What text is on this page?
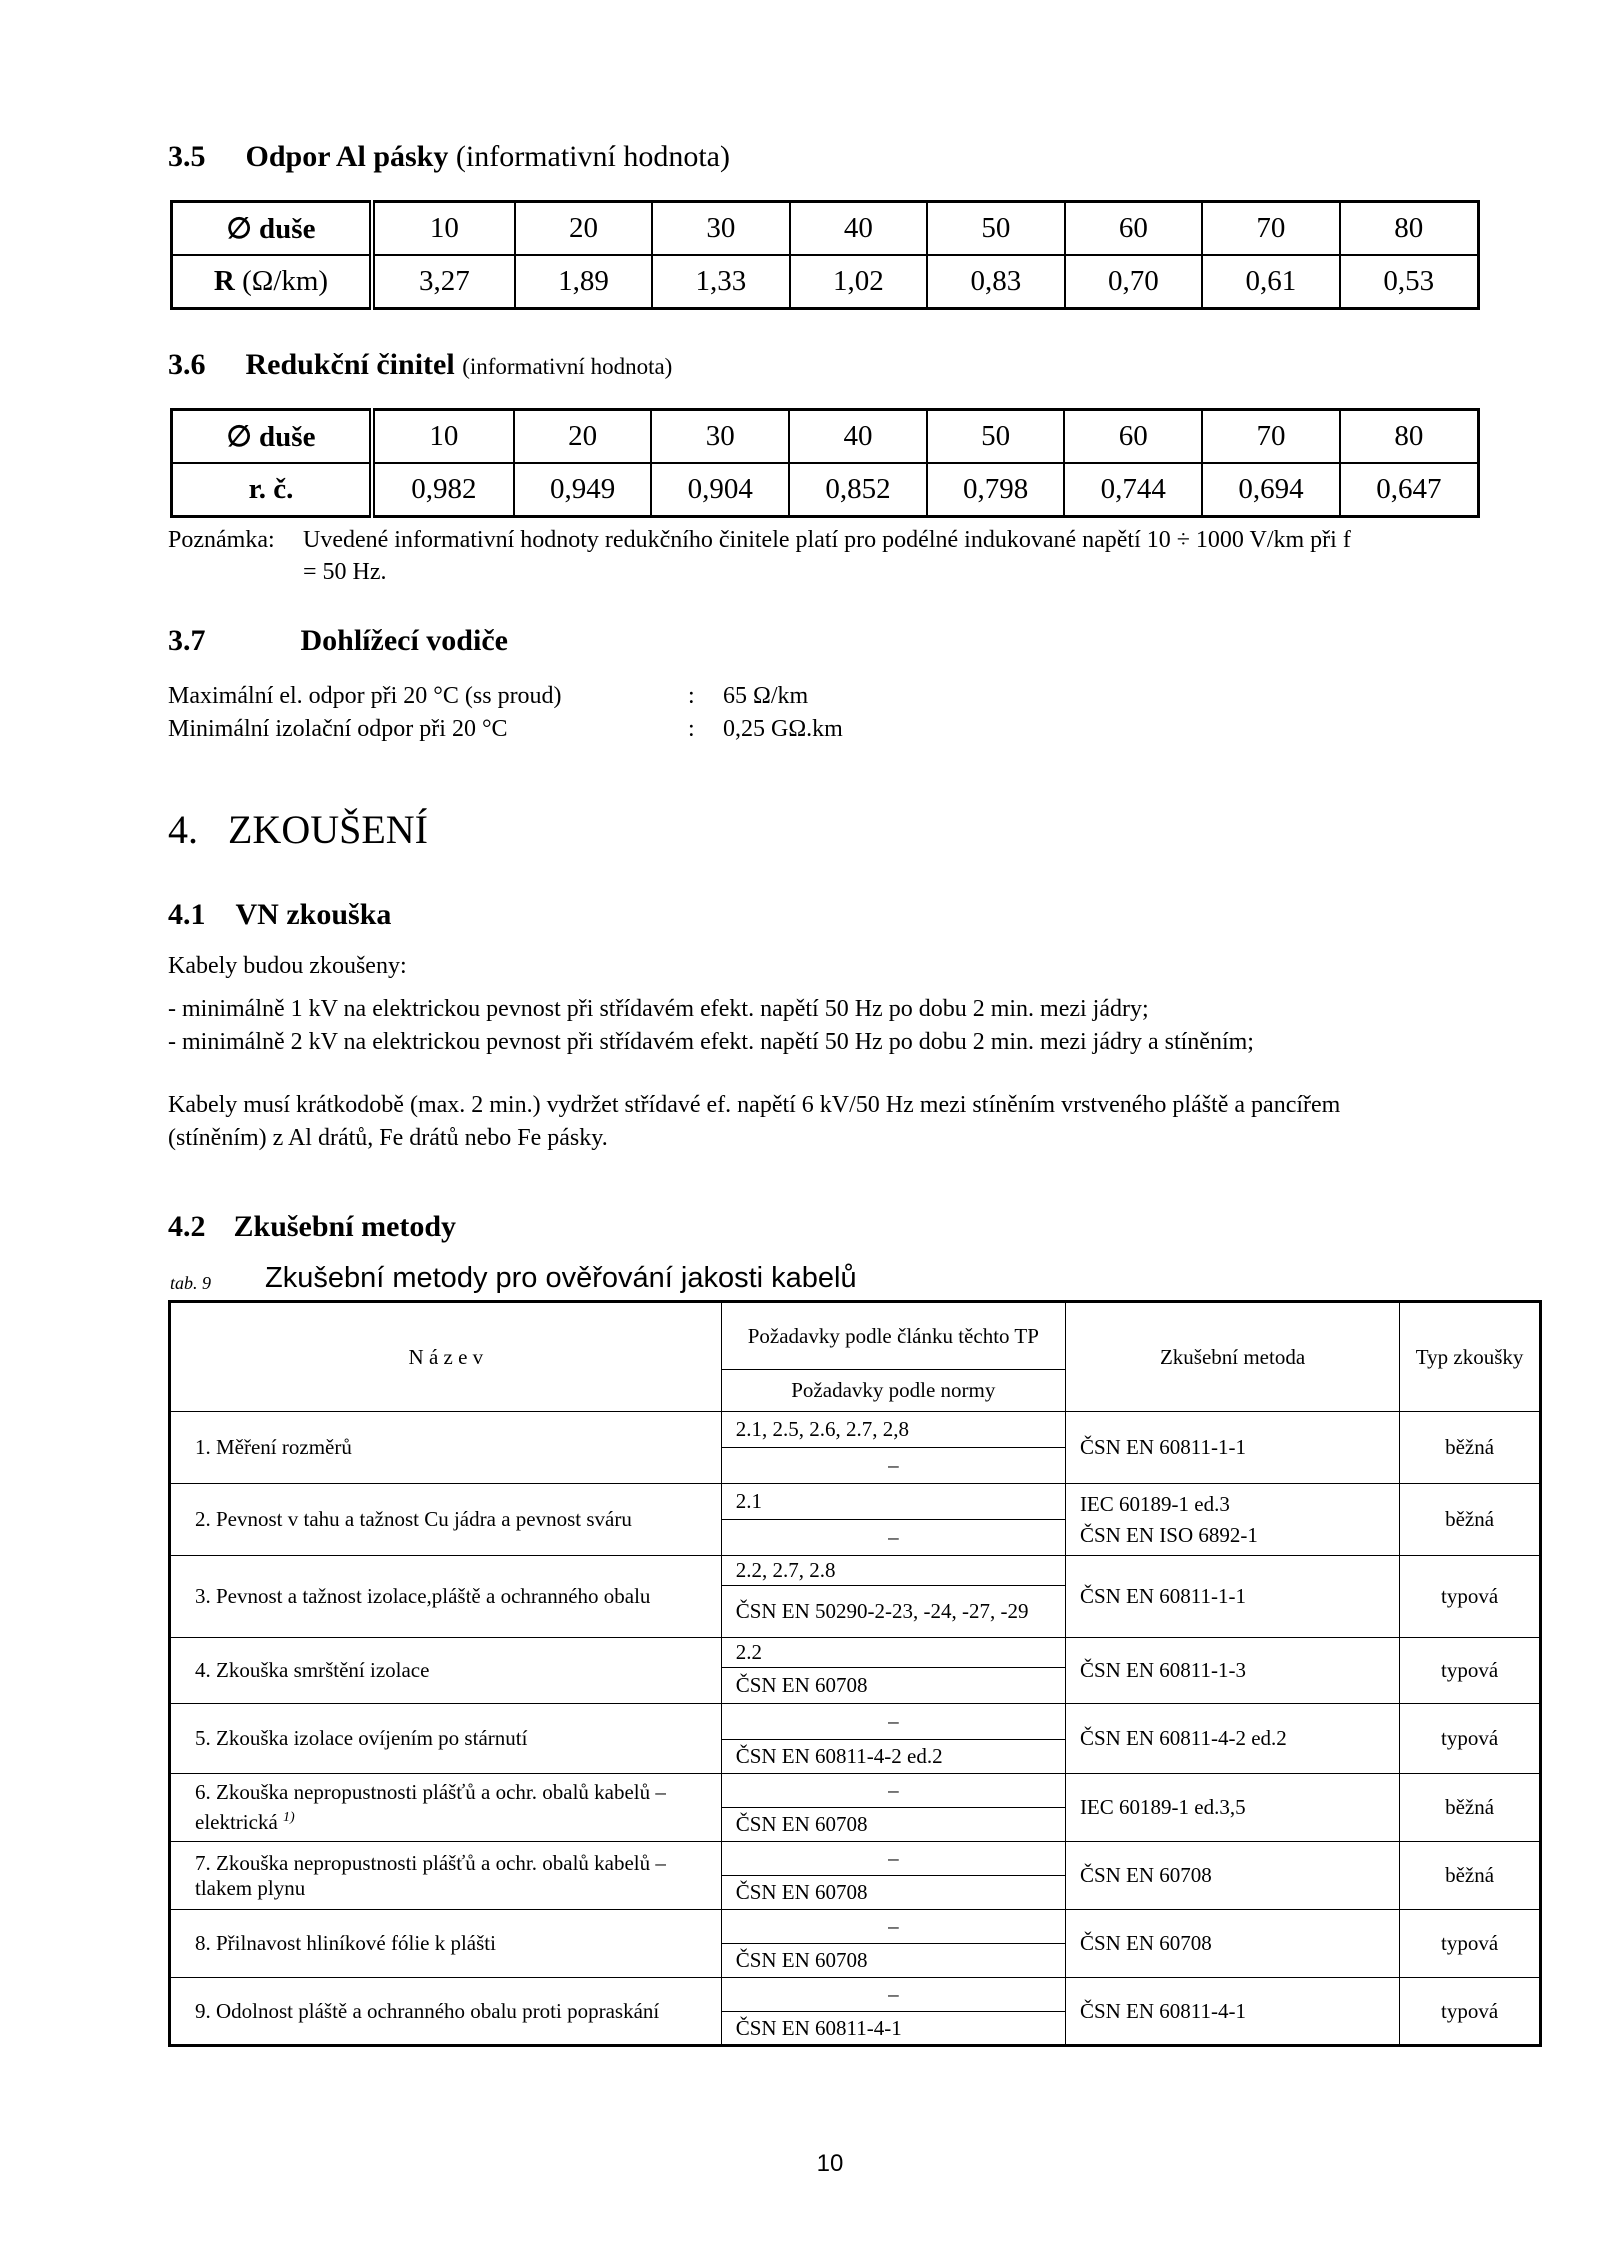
3.5 Odpor Al pásky (informativní hodnota)
∅ duše	10	20	30	40	50	60	70	80
R (Ω/km)	3,27	1,89	1,33	1,02	0,83	0,70	0,61	0,53
3.6 Redukční činitel (informativní hodnota)
∅ duše	10	20	30	40	50	60	70	80
r. č.	0,982	0,949	0,904	0,852	0,798	0,744	0,694	0,647
Poznámka: Uvedené informativní hodnoty redukčního činitele platí pro podélné indukované napětí 10 ÷ 1000 V/km při f
= 50 Hz.
3.7	Dohlížecí vodiče
Maximální el. odpor při 20 °C (ss proud)	: 65 Ω/km
Minimální izolační odpor při 20 °C	: 0,25 GΩ.km
4. ZKOUŠENÍ
4.1 VN zkouška

Kabely budou zkoušeny:

- minimálně 1 kV na elektrickou pevnost při střídavém efekt. napětí 50 Hz po dobu 2 min. mezi jádry;

- minimálně 2 kV na elektrickou pevnost při střídavém efekt. napětí 50 Hz po dobu 2 min. mezi jádry a stíněním;

Kabely musí krátkodobě (max. 2 min.) vydržet střídavé ef. napětí 6 kV/50 Hz mezi stíněním vrstveného pláště a pancířem

(stíněním) z Al drátů, Fe drátů nebo Fe pásky.

4.2 Zkušební metody
tab. 9 Zkušební metody pro ověřování jakosti kabelů
N á z e v	Požadavky podle článku těchto TP	Zkušební metoda	Typ zkoušky
	Požadavky podle normy		
1. Měření rozměrů	2.1, 2.5, 2.6, 2.7, 2,8	ČSN EN 60811-1-1	běžná
	–		
2. Pevnost v tahu a tažnost Cu jádra a pevnost sváru	2.1	IEC 60189-1 ed.3
ČSN EN ISO 6892-1	běžná
	–		
3. Pevnost a tažnost izolace,pláště a ochranného obalu	2.2, 2.7, 2.8	ČSN EN 60811-1-1	typová
	ČSN EN 50290-2-23, -24, -27, -29		
4. Zkouška smrštění izolace	2.2	ČSN EN 60811-1-3	typová
	ČSN EN 60708		
5. Zkouška izolace ovíjením po stárnutí	–	ČSN EN 60811-4-2 ed.2	typová
	ČSN EN 60811-4-2 ed.2		
6. Zkouška nepropustnosti plášťů a ochr. obalů kabelů – elektrická $^{1)}$	–	IEC 60189-1 ed.3,5	běžná
	ČSN EN 60708		
7. Zkouška nepropustnosti plášťů a ochr. obalů kabelů – tlakem plynu	–	ČSN EN 60708	běžná
	ČSN EN 60708		
8. Přilnavost hliníkové fólie k plášti	–	ČSN EN 60708	typová
	ČSN EN 60708		
9. Odolnost pláště a ochranného obalu proti popraskání	–	ČSN EN 60811-4-1	typová
	ČSN EN 60811-4-1		
10
